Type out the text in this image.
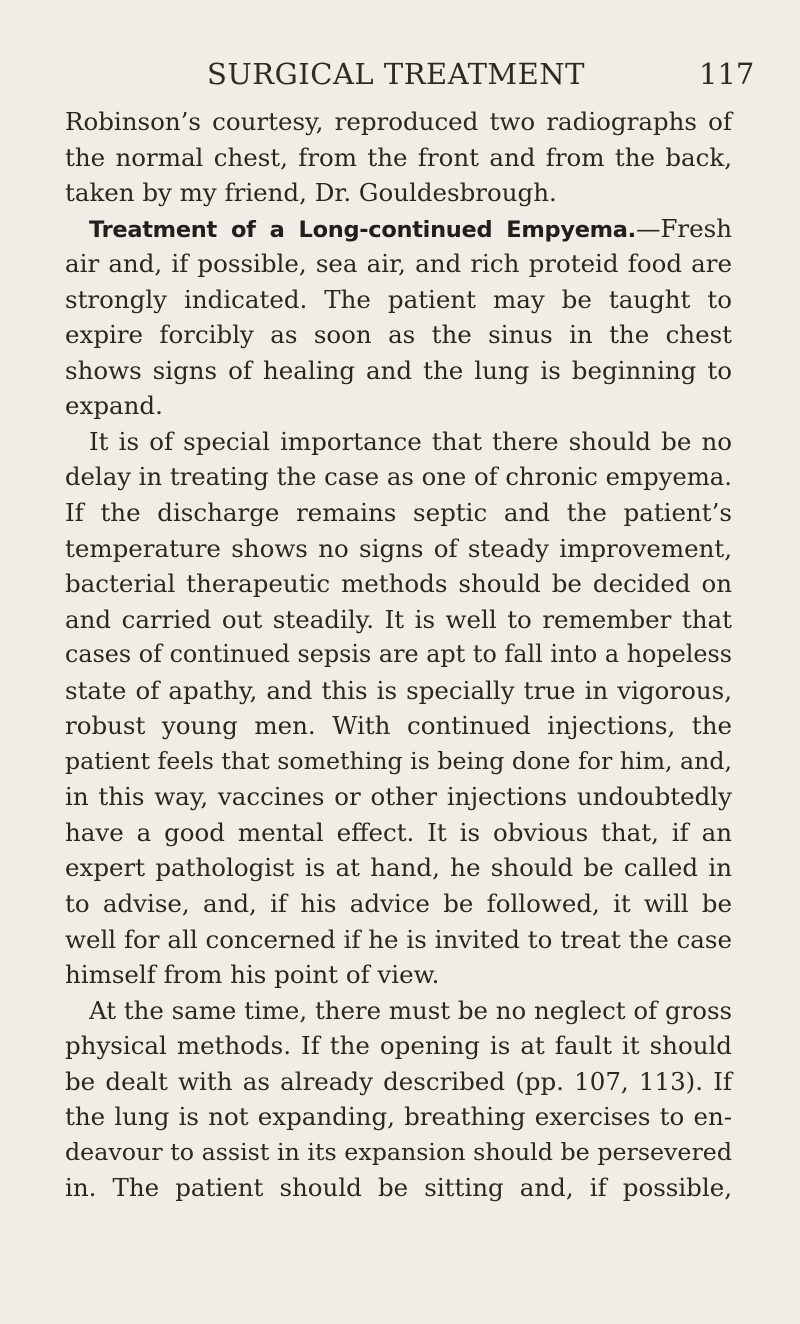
SURGICAL TREATMENT	117
Robinson’s courtesy, reproduced two radiographs of
the normal chest, from the front and from the back,
taken by my friend, Dr. Gouldesbrough.
Treatment of a Long-continued Empyema.—Fresh
air and, if possible, sea air, and rich proteid food are
strongly indicated. The patient may be taught to
expire forcibly as soon as the sinus in the chest
shows signs of healing and the lung is beginning to
expand.
It is of special importance that there should be no
delay in treating the case as one of chronic empyema.
If the discharge remains septic and the patient’s
temperature shows no signs of steady improvement,
bacterial therapeutic methods should be decided on
and carried out steadily. It is well to remember that
cases of continued sepsis are apt to fall into a hopeless
state of apathy, and this is specially true in vigorous,
robust young men. With continued injections, the
patient feels that something is being done for him, and,
in this way, vaccines or other injections undoubtedly
have a good mental effect. It is obvious that, if an
expert pathologist is at hand, he should be called in
to advise, and, if his advice be followed, it will be
well for all concerned if he is invited to treat the case
himself from his point of view.
At the same time, there must be no neglect of gross
physical methods. If the opening is at fault it should
be dealt with as already described (pp. 107, 113). If
the lung is not expanding, breathing exercises to en-
deavour to assist in its expansion should be persevered
in. The patient should be sitting and, if possible,
